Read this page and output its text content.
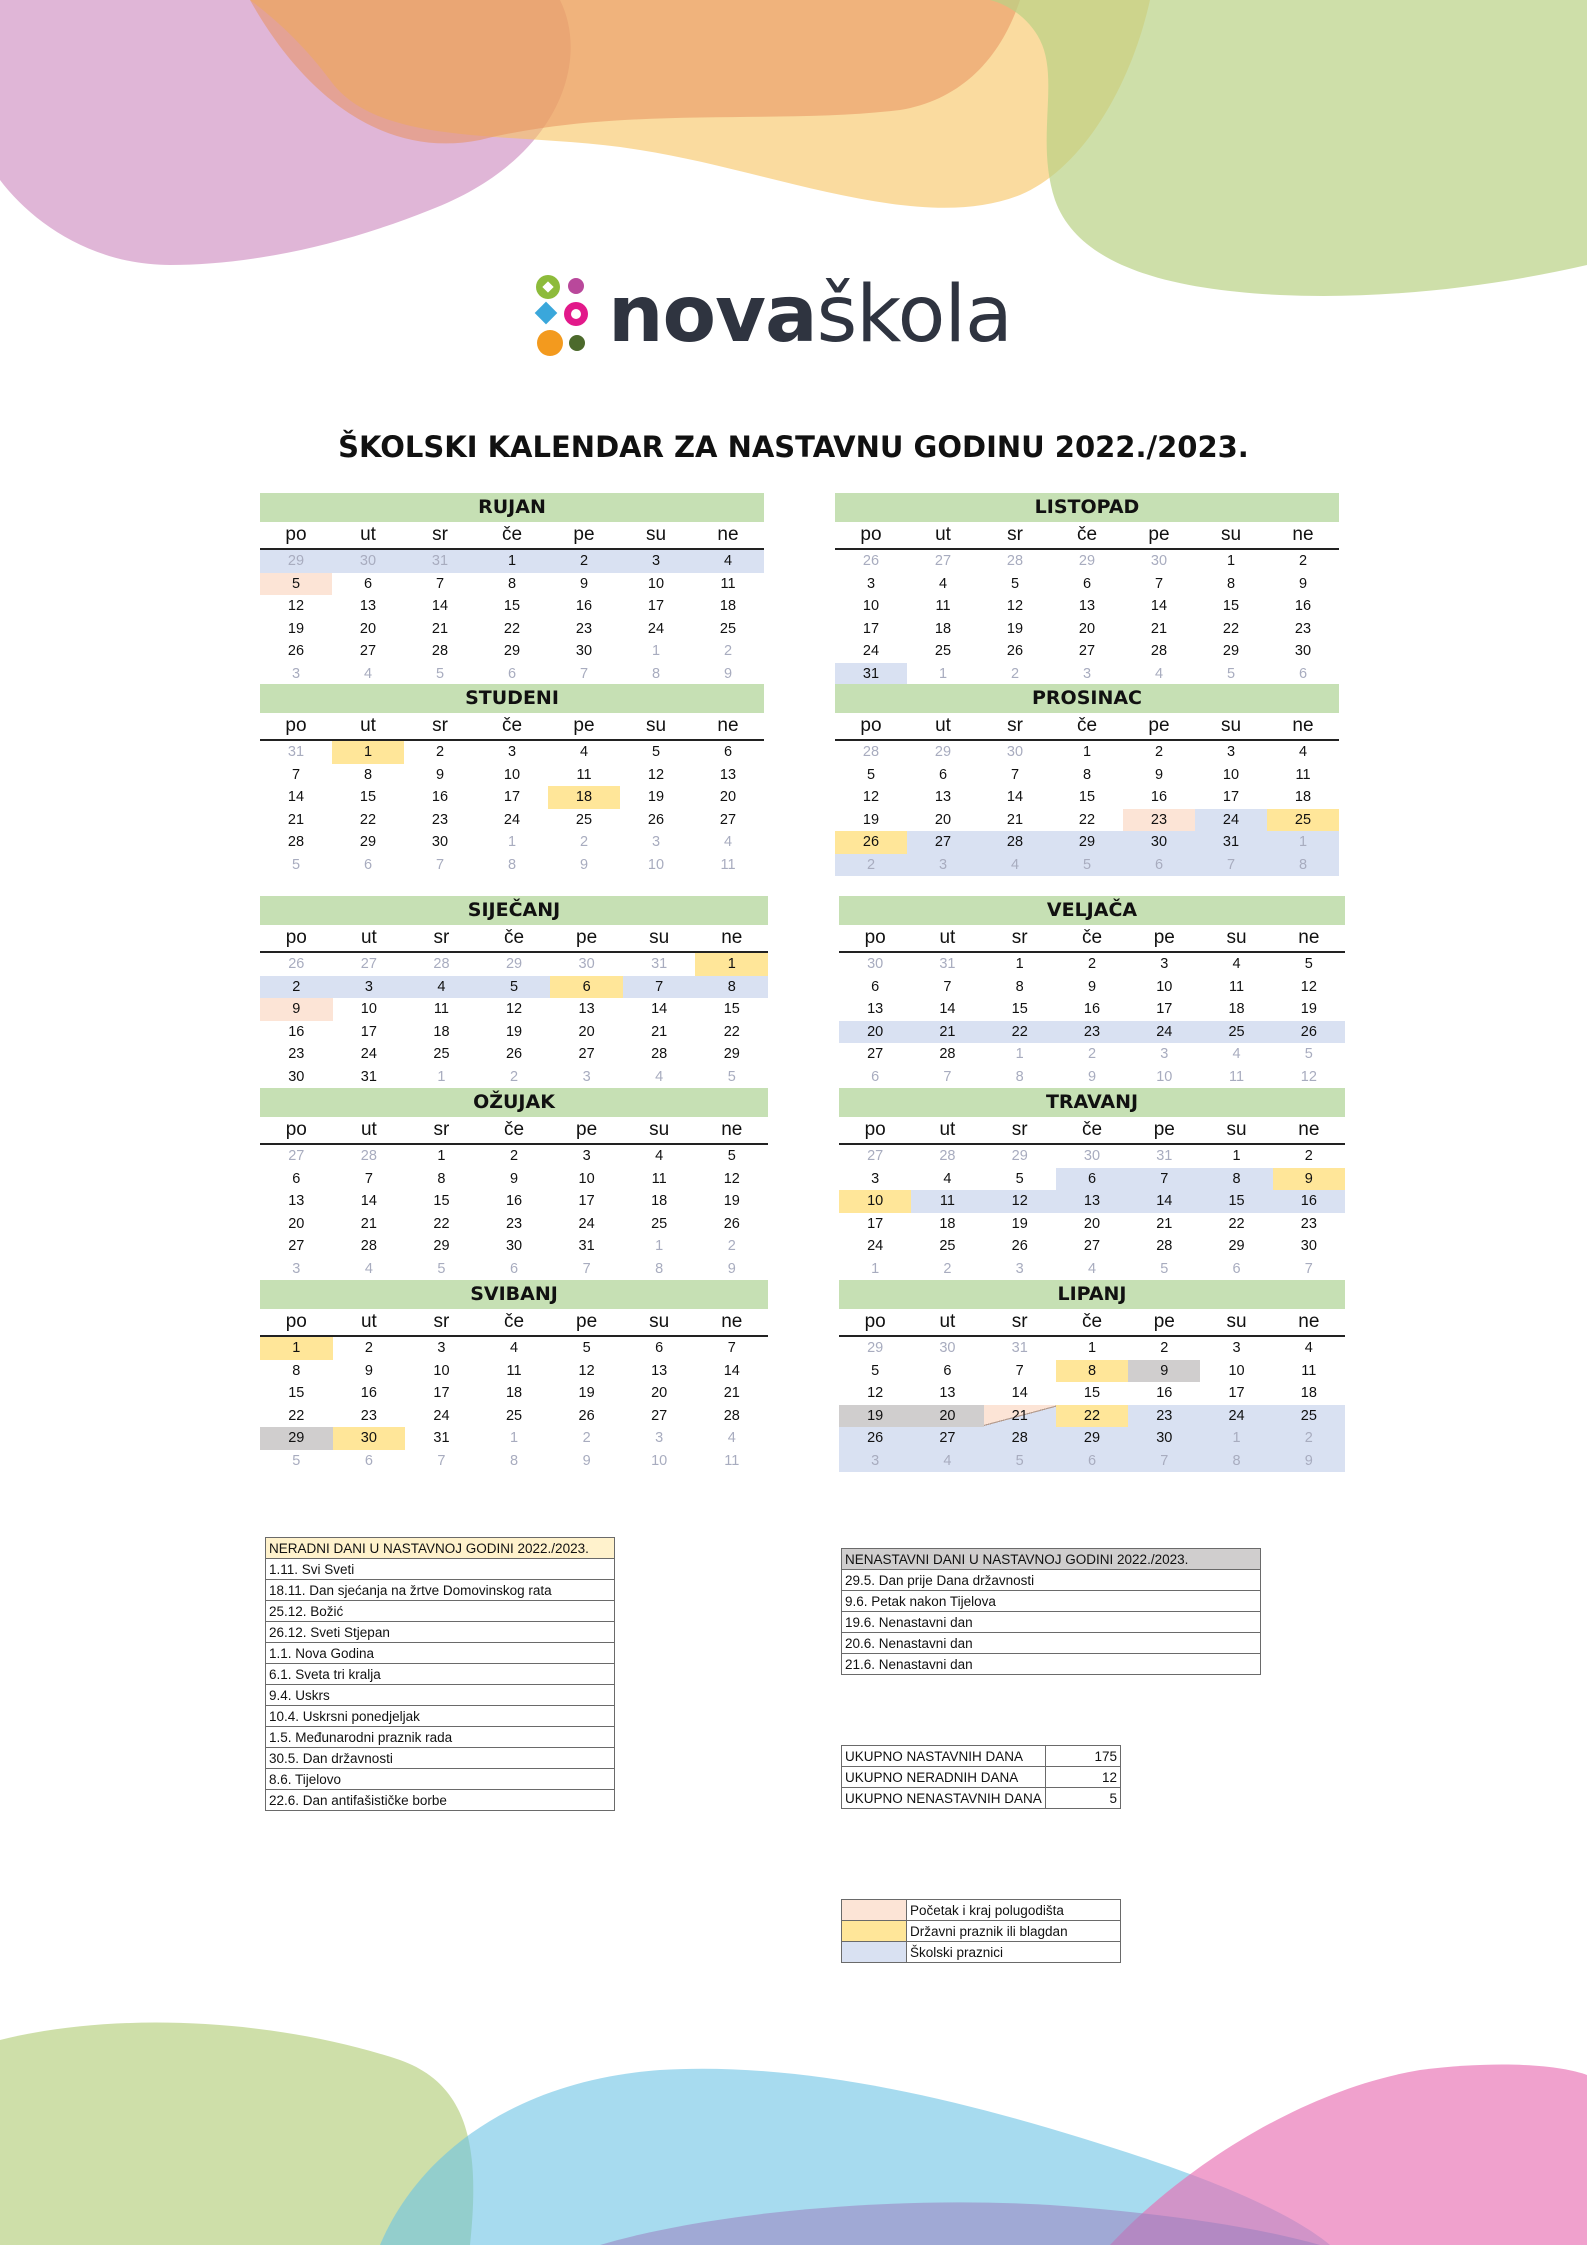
novaškola
ŠKOLSKI KALENDAR ZA NASTAVNU GODINU 2022./2023.
RUJAN
po	ut	sr	če	pe	su	ne
29	30	31	1	2	3	4
5	6	7	8	9	10	11
12	13	14	15	16	17	18
19	20	21	22	23	24	25
26	27	28	29	30	1	2
3	4	5	6	7	8	9
LISTOPAD
po	ut	sr	če	pe	su	ne
26	27	28	29	30	1	2
3	4	5	6	7	8	9
10	11	12	13	14	15	16
17	18	19	20	21	22	23
24	25	26	27	28	29	30
31	1	2	3	4	5	6
STUDENI
po	ut	sr	če	pe	su	ne
31	1	2	3	4	5	6
7	8	9	10	11	12	13
14	15	16	17	18	19	20
21	22	23	24	25	26	27
28	29	30	1	2	3	4
5	6	7	8	9	10	11
PROSINAC
po	ut	sr	če	pe	su	ne
28	29	30	1	2	3	4
5	6	7	8	9	10	11
12	13	14	15	16	17	18
19	20	21	22	23	24	25
26	27	28	29	30	31	1
2	3	4	5	6	7	8
SIJEČANJ
po	ut	sr	če	pe	su	ne
26	27	28	29	30	31	1
2	3	4	5	6	7	8
9	10	11	12	13	14	15
16	17	18	19	20	21	22
23	24	25	26	27	28	29
30	31	1	2	3	4	5
VELJAČA
po	ut	sr	če	pe	su	ne
30	31	1	2	3	4	5
6	7	8	9	10	11	12
13	14	15	16	17	18	19
20	21	22	23	24	25	26
27	28	1	2	3	4	5
6	7	8	9	10	11	12
OŽUJAK
po	ut	sr	če	pe	su	ne
27	28	1	2	3	4	5
6	7	8	9	10	11	12
13	14	15	16	17	18	19
20	21	22	23	24	25	26
27	28	29	30	31	1	2
3	4	5	6	7	8	9
TRAVANJ
po	ut	sr	če	pe	su	ne
27	28	29	30	31	1	2
3	4	5	6	7	8	9
10	11	12	13	14	15	16
17	18	19	20	21	22	23
24	25	26	27	28	29	30
1	2	3	4	5	6	7
SVIBANJ
po	ut	sr	če	pe	su	ne
1	2	3	4	5	6	7
8	9	10	11	12	13	14
15	16	17	18	19	20	21
22	23	24	25	26	27	28
29	30	31	1	2	3	4
5	6	7	8	9	10	11
LIPANJ
po	ut	sr	če	pe	su	ne
29	30	31	1	2	3	4
5	6	7	8	9	10	11
12	13	14	15	16	17	18
19	20	21	22	23	24	25
26	27	28	29	30	1	2
3	4	5	6	7	8	9
NERADNI DANI U NASTAVNOJ GODINI 2022./2023.
1.11. Svi Sveti
18.11. Dan sjećanja na žrtve Domovinskog rata
25.12. Božić
26.12. Sveti Stjepan
1.1. Nova Godina
6.1. Sveta tri kralja
9.4. Uskrs
10.4. Uskrsni ponedjeljak
1.5. Međunarodni praznik rada
30.5. Dan državnosti
8.6. Tijelovo
22.6. Dan antifašističke borbe
NENASTAVNI DANI U NASTAVNOJ GODINI 2022./2023.
29.5. Dan prije Dana državnosti
9.6. Petak nakon Tijelova
19.6. Nenastavni dan
20.6. Nenastavni dan
21.6. Nenastavni dan
UKUPNO NASTAVNIH DANA	175
UKUPNO NERADNIH DANA	12
UKUPNO NENASTAVNIH DANA	5
	Početak i kraj polugodišta
	Državni praznik ili blagdan
	Školski praznici
